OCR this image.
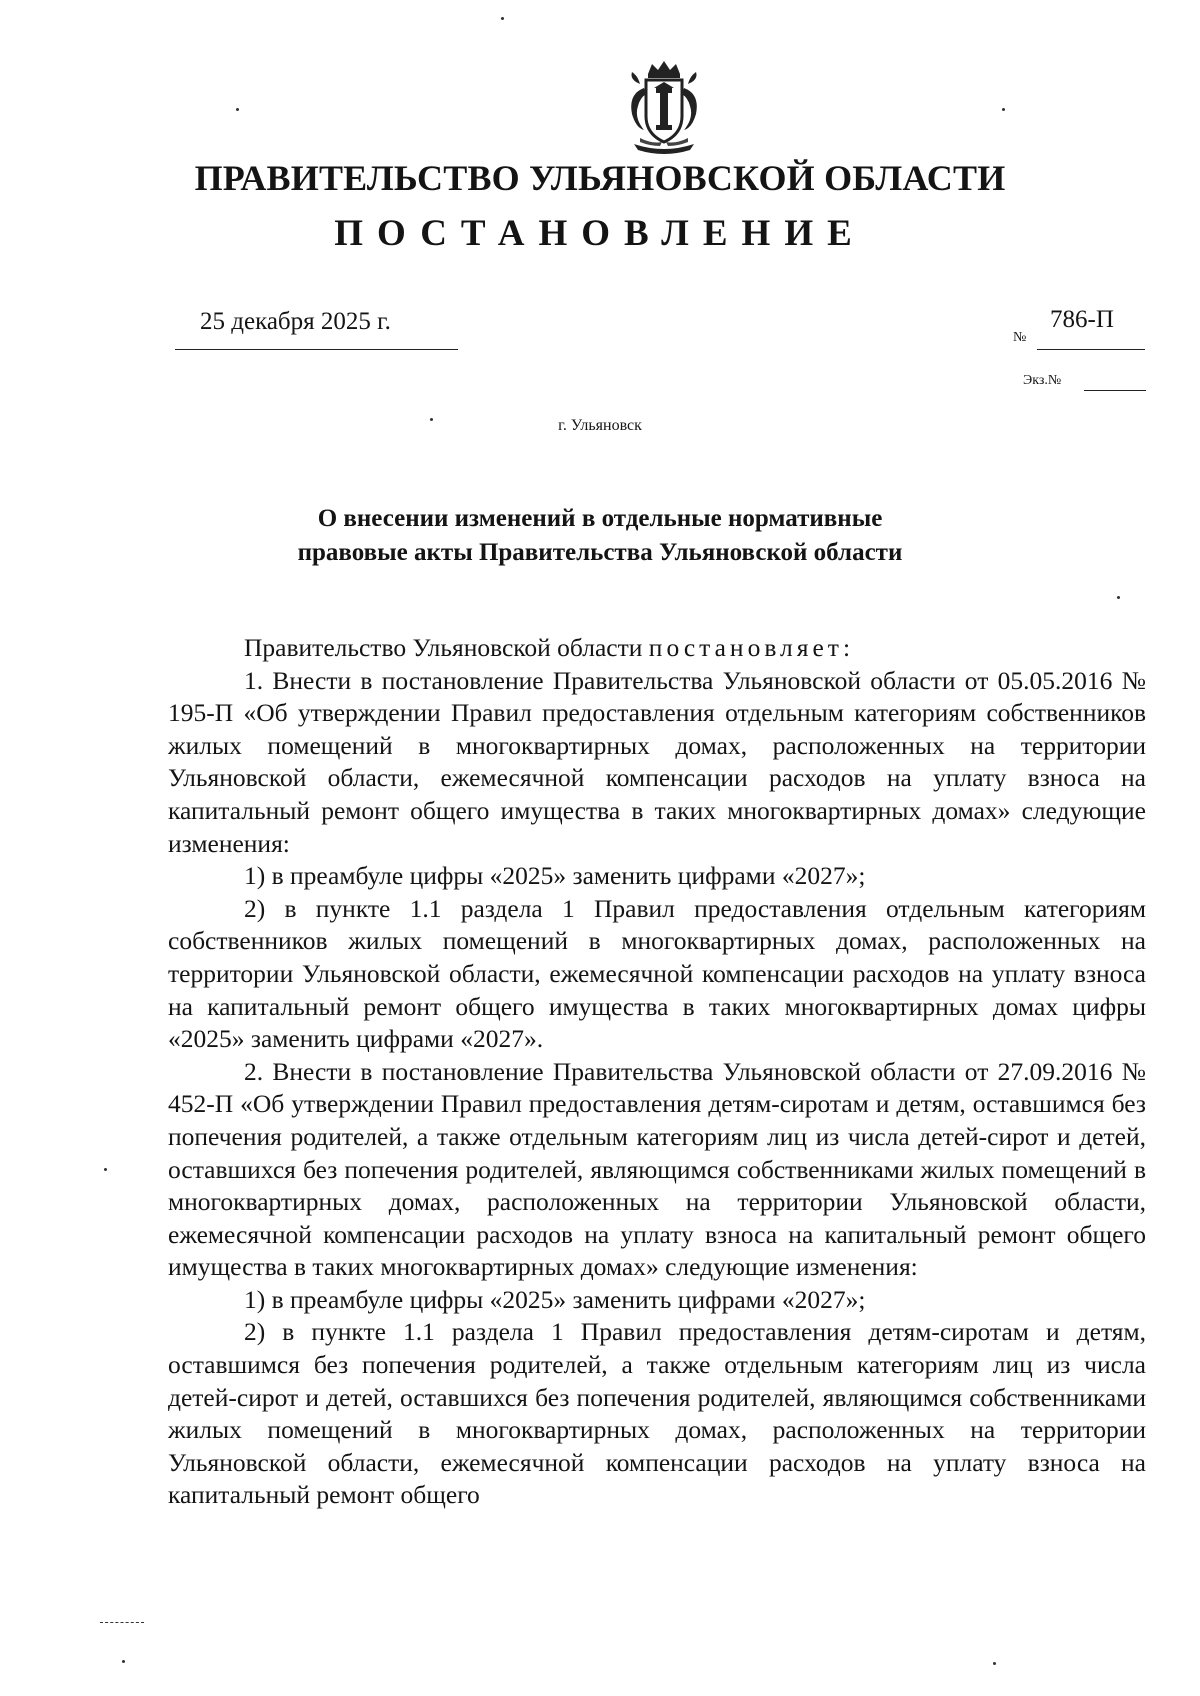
ПРАВИТЕЛЬСТВО УЛЬЯНОВСКОЙ ОБЛАСТИ
ПОСТАНОВЛЕНИЕ
25 декабря 2025 г.
№
786-П
Экз.№
г. Ульяновск
О внесении изменений в отдельные нормативные
правовые акты Правительства Ульяновской области

Правительство Ульяновской области постановляет:

1. Внести в постановление Правительства Ульяновской области от 05.05.2016 № 195-П «Об утверждении Правил предоставления отдельным категориям собственников жилых помещений в многоквартирных домах, расположенных на территории Ульяновской области, ежемесячной компенсации расходов на уплату взноса на капитальный ремонт общего имущества в таких многоквартирных домах» следующие изменения:

1) в преамбуле цифры «2025» заменить цифрами «2027»;

2) в пункте 1.1 раздела 1 Правил предоставления отдельным категориям собственников жилых помещений в многоквартирных домах, расположенных на территории Ульяновской области, ежемесячной компенсации расходов на уплату взноса на капитальный ремонт общего имущества в таких многоквартирных домах цифры «2025» заменить цифрами «2027».

2. Внести в постановление Правительства Ульяновской области от 27.09.2016 № 452-П «Об утверждении Правил предоставления детям-сиротам и детям, оставшимся без попечения родителей, а также отдельным категориям лиц из числа детей-сирот и детей, оставшихся без попечения родителей, являющимся собственниками жилых помещений в многоквартирных домах, расположенных на территории Ульяновской области, ежемесячной компенсации расходов на уплату взноса на капитальный ремонт общего имущества в таких многоквартирных домах» следующие изменения:

1) в преамбуле цифры «2025» заменить цифрами «2027»;

2) в пункте 1.1 раздела 1 Правил предоставления детям-сиротам и детям, оставшимся без попечения родителей, а также отдельным категориям лиц из числа детей-сирот и детей, оставшихся без попечения родителей, являющимся собственниками жилых помещений в многоквартирных домах, расположенных на территории Ульяновской области, ежемесячной компенсации расходов на уплату взноса на капитальный ремонт общего
